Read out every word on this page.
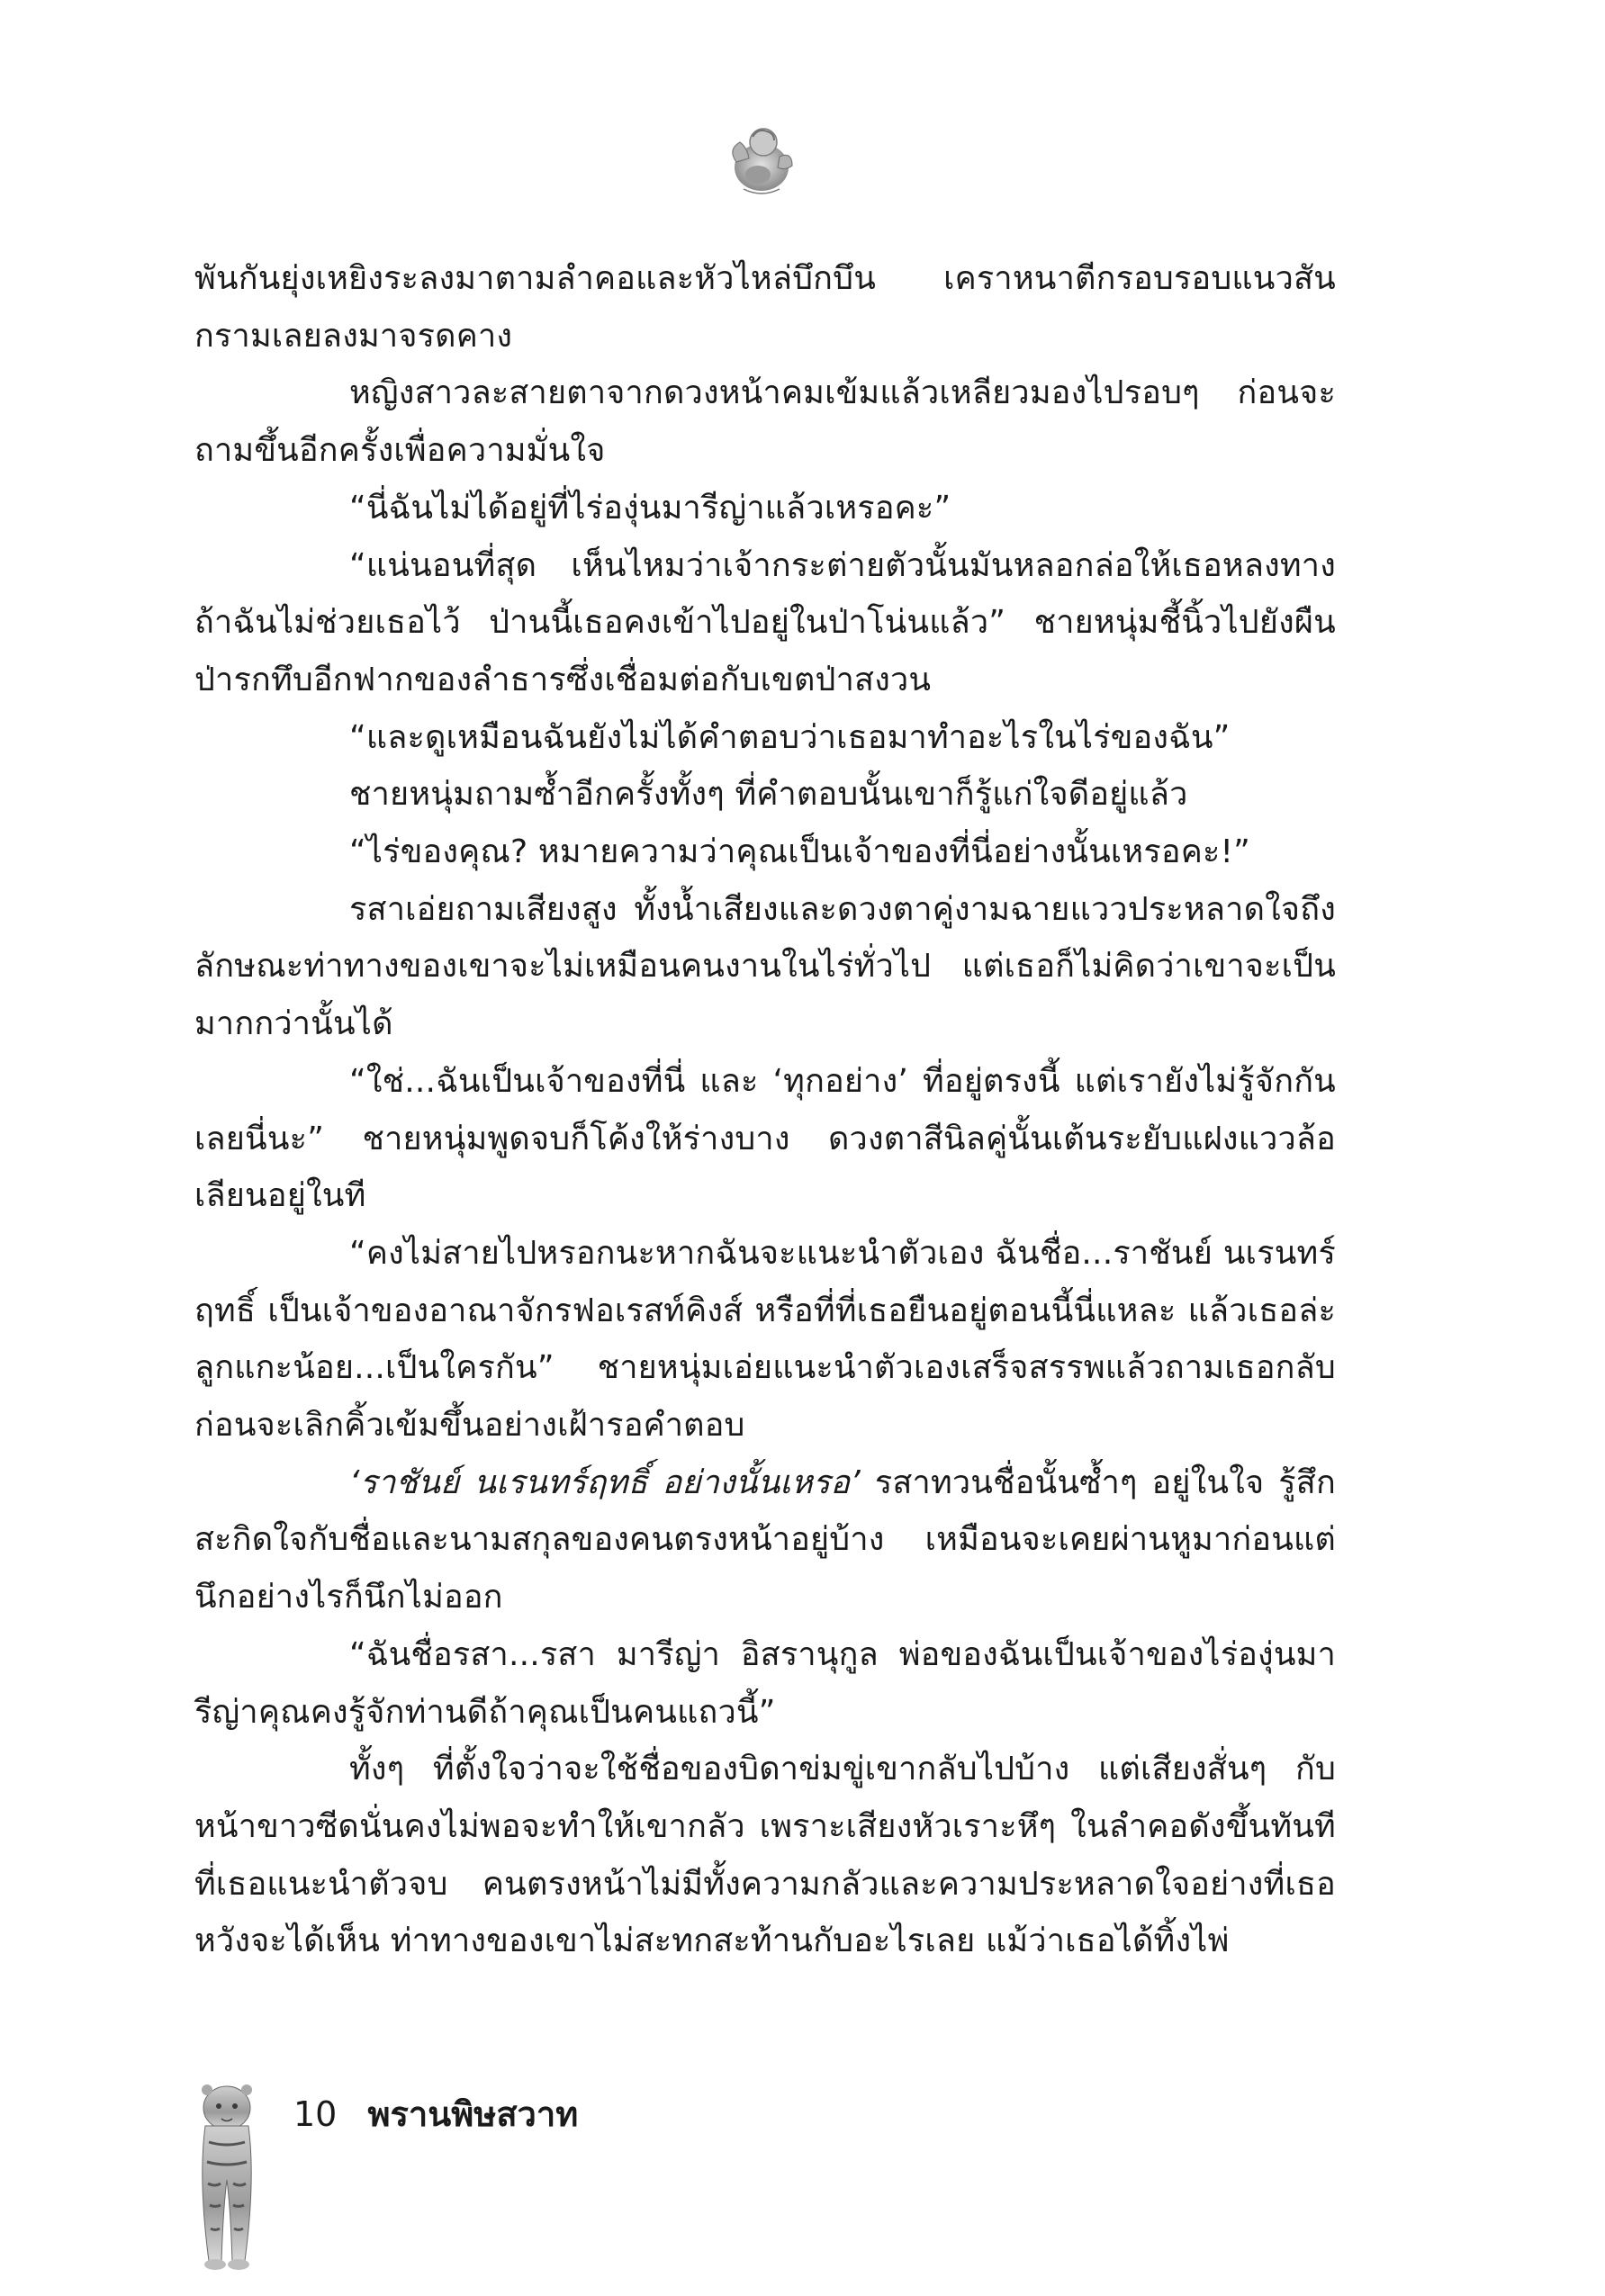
พันกันยุ่งเหยิงระลงมาตามลำคอและหัวไหล่บึกบึน เคราหนาตีกรอบรอบแนวสันกรามเลยลงมาจรดคาง

หญิงสาวละสายตาจากดวงหน้าคมเข้มแล้วเหลียวมองไปรอบๆ ก่อนจะถามขึ้นอีกครั้งเพื่อความมั่นใจ

“นี่ฉันไม่ได้อยู่ที่ไร่องุ่นมารีญ่าแล้วเหรอคะ”

“แน่นอนที่สุด เห็นไหมว่าเจ้ากระต่ายตัวนั้นมันหลอกล่อให้เธอหลงทาง ถ้าฉันไม่ช่วยเธอไว้ ป่านนี้เธอคงเข้าไปอยู่ในป่าโน่นแล้ว” ชายหนุ่มชี้นิ้วไปยังผืนป่ารกทึบอีกฟากของลำธารซึ่งเชื่อมต่อกับเขตป่าสงวน

“และดูเหมือนฉันยังไม่ได้คำตอบว่าเธอมาทำอะไรในไร่ของฉัน”

ชายหนุ่มถามซ้ำอีกครั้งทั้งๆ ที่คำตอบนั้นเขาก็รู้แก่ใจดีอยู่แล้ว

“ไร่ของคุณ? หมายความว่าคุณเป็นเจ้าของที่นี่อย่างนั้นเหรอคะ!”

รสาเอ่ยถามเสียงสูง ทั้งน้ำเสียงและดวงตาคู่งามฉายแววประหลาดใจถึงลักษณะท่าทางของเขาจะไม่เหมือนคนงานในไร่ทั่วไป แต่เธอก็ไม่คิดว่าเขาจะเป็นมากกว่านั้นได้

“ใช่...ฉันเป็นเจ้าของที่นี่ และ ‘ทุกอย่าง’ ที่อยู่ตรงนี้ แต่เรายังไม่รู้จักกันเลยนี่นะ” ชายหนุ่มพูดจบก็โค้งให้ร่างบาง ดวงตาสีนิลคู่นั้นเต้นระยับแฝงแววล้อเลียนอยู่ในที

“คงไม่สายไปหรอกนะหากฉันจะแนะนำตัวเอง ฉันชื่อ...ราชันย์ นเรนทร์ฤทธิ์ เป็นเจ้าของอาณาจักรฟอเรสท์คิงส์ หรือที่ที่เธอยืนอยู่ตอนนี้นี่แหละ แล้วเธอล่ะลูกแกะน้อย...เป็นใครกัน” ชายหนุ่มเอ่ยแนะนำตัวเองเสร็จสรรพแล้วถามเธอกลับก่อนจะเลิกคิ้วเข้มขึ้นอย่างเฝ้ารอคำตอบ

‘ราชันย์ นเรนทร์ฤทธิ์ อย่างนั้นเหรอ’ รสาทวนชื่อนั้นซ้ำๆ อยู่ในใจ รู้สึกสะกิดใจกับชื่อและนามสกุลของคนตรงหน้าอยู่บ้าง เหมือนจะเคยผ่านหูมาก่อนแต่นึกอย่างไรก็นึกไม่ออก

“ฉันชื่อรสา...รสา มารีญ่า อิสรานุกูล พ่อของฉันเป็นเจ้าของไร่องุ่นมารีญ่าคุณคงรู้จักท่านดีถ้าคุณเป็นคนแถวนี้”

ทั้งๆ ที่ตั้งใจว่าจะใช้ชื่อของบิดาข่มขู่เขากลับไปบ้าง แต่เสียงสั่นๆ กับหน้าขาวซีดนั่นคงไม่พอจะทำให้เขากลัว เพราะเสียงหัวเราะหึๆ ในลำคอดังขึ้นทันทีที่เธอแนะนำตัวจบ คนตรงหน้าไม่มีทั้งความกลัวและความประหลาดใจอย่างที่เธอหวังจะได้เห็น ท่าทางของเขาไม่สะทกสะท้านกับอะไรเลย แม้ว่าเธอได้ทิ้งไพ่

10 พรานพิษสวาท
